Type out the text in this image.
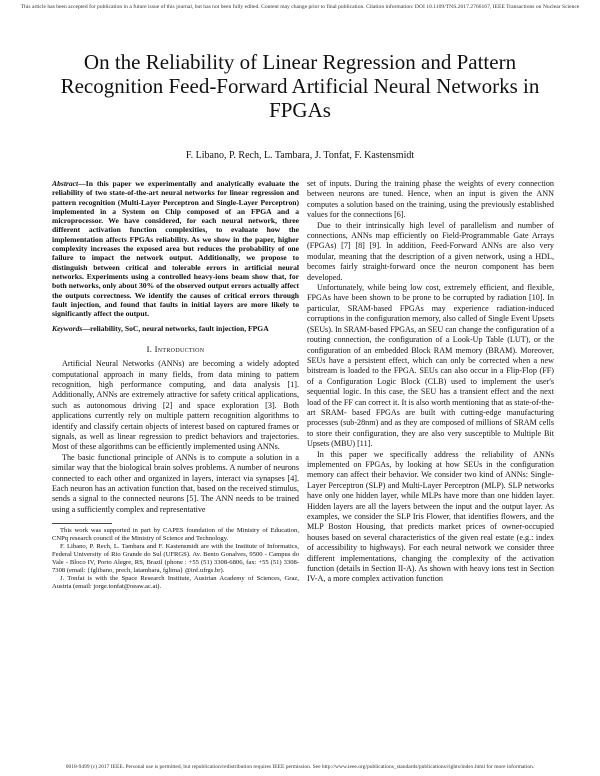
This article has been accepted for publication in a future issue of this journal, but has not been fully edited. Content may change prior to final publication. Citation information: DOI 10.1109/TNS.2017.2766167, IEEE Transactions on Nuclear Science
On the Reliability of Linear Regression and Pattern Recognition Feed-Forward Artificial Neural Networks in FPGAs
F. Libano, P. Rech, L. Tambara, J. Tonfat, F. Kastensmidt

Abstract—In this paper we experimentally and analytically evaluate the reliability of two state-of-the-art neural networks for linear regression and pattern recognition (Multi-Layer Perceptron and Single-Layer Perceptron) implemented in a System on Chip composed of an FPGA and a microprocessor. We have considered, for each neural network, three different activation function complexities, to evaluate how the implementation affects FPGAs reliability. As we show in the paper, higher complexity increases the exposed area but reduces the probability of one failure to impact the network output. Additionally, we propose to distinguish between critical and tolerable errors in artificial neural networks. Experiments using a controlled heavy-ions beam show that, for both networks, only about 30% of the observed output errors actually affect the outputs correctness. We identify the causes of critical errors through fault injection, and found that faults in initial layers are more likely to significantly affect the output.

Keywords—reliability, SoC, neural networks, fault injection, FPGA

I. Introduction

Artificial Neural Networks (ANNs) are becoming a widely adopted computational approach in many fields, from data mining to pattern recognition, high performance computing, and data analysis [1]. Additionally, ANNs are extremely attractive for safety critical applications, such as autonomous driving [2] and space exploration [3]. Both applications currently rely on multiple pattern recognition algorithms to identify and classify certain objects of interest based on captured frames or signals, as well as linear regression to predict behaviors and trajectories. Most of these algorithms can be efficiently implemented using ANNs.

The basic functional principle of ANNs is to compute a solution in a similar way that the biological brain solves problems. A number of neurons connected to each other and organized in layers, interact via synapses [4]. Each neuron has an activation function that, based on the received stimulus, sends a signal to the connected neurons [5]. The ANN needs to be trained using a sufficiently complex and representative

This work was supported in part by CAPES foundation of the Ministry of Education, CNPq research council of the Ministry of Science and Technology.

F. Libano, P. Rech, L. Tambara and F. Kastensmidt are with the Institute of Informatics, Federal University of Rio Grande do Sul (UFRGS). Av. Bento Gonalves, 9500 - Campus do Vale - Bloco IV, Porto Alegre, RS, Brazil (phone : +55 (51) 3308-6806, fax: +55 (51) 3308-7308 (email: {fglibano, prech, latambara, fglima} @inf.ufrgs.br).

J. Tonfat is with the Space Research Institute, Austrian Academy of Sciences, Graz, Austria (email: jorge.tonfat@oeaw.ac.at).

set of inputs. During the training phase the weights of every connection between neurons are tuned. Hence, when an input is given the ANN computes a solution based on the training, using the previously established values for the connections [6].

Due to their intrinsically high level of parallelism and number of connections, ANNs map efficiently on Field-Programmable Gate Arrays (FPGAs) [7] [8] [9]. In addition, Feed-Forward ANNs are also very modular, meaning that the description of a given network, using a HDL, becomes fairly straight-forward once the neuron component has been developed.

Unfortunately, while being low cost, extremely efficient, and flexible, FPGAs have been shown to be prone to be corrupted by radiation [10]. In particular, SRAM-based FPGAs may experience radiation-induced corruptions in the configuration memory, also called of Single Event Upsets (SEUs). In SRAM-based FPGAs, an SEU can change the configuration of a routing connection, the configuration of a Look-Up Table (LUT), or the configuration of an embedded Block RAM memory (BRAM). Moreover, SEUs have a persistent effect, which can only be corrected when a new bitstream is loaded to the FPGA. SEUs can also occur in a Flip-Flop (FF) of a Configuration Logic Block (CLB) used to implement the user's sequential logic. In this case, the SEU has a transient effect and the next load of the FF can correct it. It is also worth mentioning that as state-of-the-art SRAM- based FPGAs are built with cutting-edge manufacturing processes (sub-28nm) and as they are composed of millions of SRAM cells to store their configuration, they are also very susceptible to Multiple Bit Upsets (MBU) [11].

In this paper we specifically address the reliability of ANNs implemented on FPGAs, by looking at how SEUs in the configuration memory can affect their behavior. We consider two kind of ANNs: Single-Layer Perceptron (SLP) and Multi-Layer Perceptron (MLP). SLP networks have only one hidden layer, while MLPs have more than one hidden layer. Hidden layers are all the layers between the input and the output layer. As examples, we consider the SLP Iris Flower, that identifies flowers, and the MLP Boston Housing, that predicts market prices of owner-occupied houses based on several characteristics of the given real estate (e.g.: index of accessibility to highways). For each neural network we consider three different implementations, changing the complexity of the activation function (details in Section II-A). As shown with heavy ions test in Section IV-A, a more complex activation function

0018-9499 (c) 2017 IEEE. Personal use is permitted, but republication/redistribution requires IEEE permission. See http://www.ieee.org/publications_standards/publications/rights/index.html for more information.
